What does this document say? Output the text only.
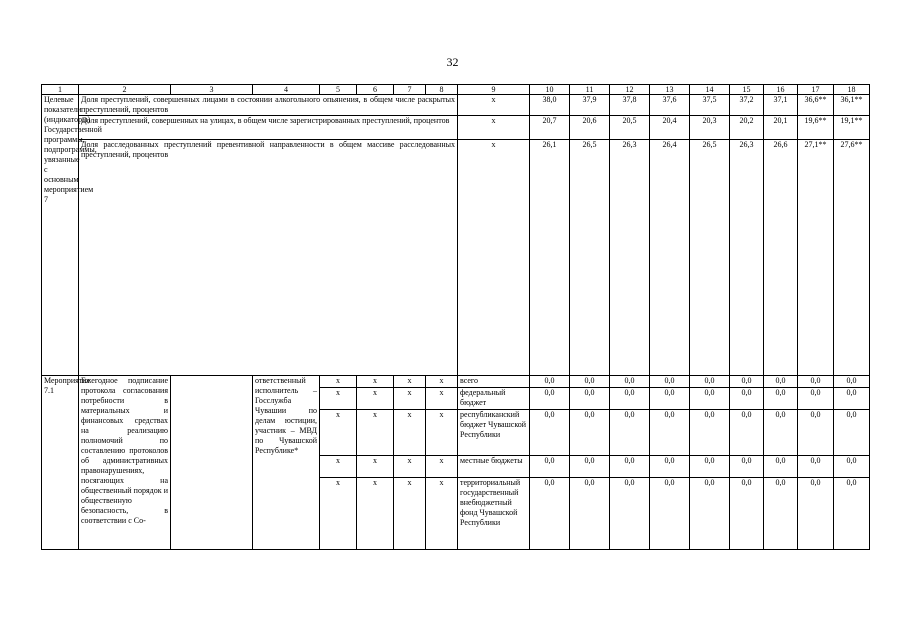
32
1	2	3	4	5	6	7	8	9	10	11	12	13	14	15	16	17	18
Целевые показатели (индикаторы) Государственной программы, подпрограммы, увязанные с основным мероприятием 7	Доля преступлений, совершенных лицами в состоянии алкогольного опьянения, в общем числе раскрытых преступлений, процентов							x	38,0	37,9	37,8	37,6	37,5	37,2	37,1	36,6**	36,1**
	Доля преступлений, совершенных на улицах, в общем числе зарегистрированных преступлений, процентов							x	20,7	20,6	20,5	20,4	20,3	20,2	20,1	19,6**	19,1**
	Доля расследованных преступлений превентивной направленности в общем массиве расследованных преступлений, процентов							x	26,1	26,5	26,3	26,4	26,5	26,3	26,6	27,1**	27,6**
Мероприятие 7.1	Ежегодное подписание протокола согласования потребности в материальных и финансовых средствах на реализацию полномочий по составлению протоколов об административных правонарушениях, посягающих на общественный порядок и общественную безопасность, в соответствии с Со-		ответственный исполнитель – Госслужба Чувашии по делам юстиции, участник – МВД по Чувашской Республике*	x	x	x	x	всего	0,0	0,0	0,0	0,0	0,0	0,0	0,0	0,0	0,0
				x	x	x	x	федеральный бюджет	0,0	0,0	0,0	0,0	0,0	0,0	0,0	0,0	0,0
				x	x	x	x	республиканский бюджет Чувашской Республики	0,0	0,0	0,0	0,0	0,0	0,0	0,0	0,0	0,0
				x	x	x	x	местные бюджеты	0,0	0,0	0,0	0,0	0,0	0,0	0,0	0,0	0,0
				x	x	x	x	территориальный государственный внебюджетный фонд Чувашской Республики	0,0	0,0	0,0	0,0	0,0	0,0	0,0	0,0	0,0
